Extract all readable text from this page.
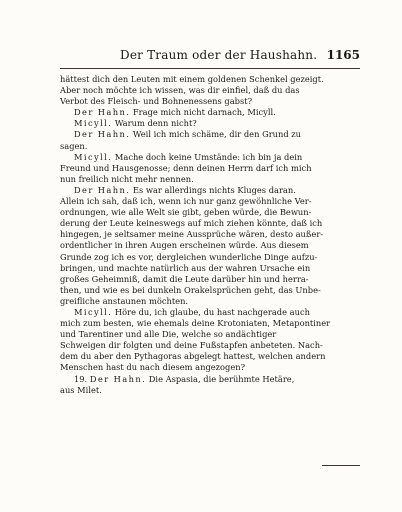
Der Traum oder der Haushahn. 1165
hättest dich den Leuten mit einem goldenen Schenkel gezeigt.
Aber noch möchte ich wissen, was dir einfiel, daß du das
Verbot des Fleisch- und Bohnenessens gabst?
Der Hahn. Frage mich nicht darnach, Micyll.
Micyll. Warum denn nicht?
Der Hahn. Weil ich mich schäme, dir den Grund zu
sagen.
Micyll. Mache doch keine Umstände: ich bin ja dein
Freund und Hausgenosse; denn deinen Herrn darf ich mich
nun freilich nicht mehr nennen.
Der Hahn. Es war allerdings nichts Kluges daran.
Allein ich sah, daß ich, wenn ich nur ganz gewöhnliche Ver-
ordnungen, wie alle Welt sie gibt, geben würde, die Bewun-
derung der Leute keineswegs auf mich ziehen könnte, daß ich
hingegen, je seltsamer meine Aussprüche wären, desto außer-
ordentlicher in ihren Augen erscheinen würde. Aus diesem
Grunde zog ich es vor, dergleichen wunderliche Dinge aufzu-
bringen, und machte natürlich aus der wahren Ursache ein
großes Geheimniß, damit die Leute darüber hin und herra-
then, und wie es bei dunkeln Orakelsprüchen geht, das Unbe-
greifliche anstaunen möchten.
Micyll. Höre du, ich glaube, du hast nachgerade auch
mich zum besten, wie ehemals deine Krotoniaten, Metapontiner
und Tarentiner und alle Die, welche so andächtiger
Schweigen dir folgten und deine Fußstapfen anbeteten. Nach-
dem du aber den Pythagoras abgelegt hattest, welchen andern
Menschen hast du nach diesem angezogen?
19. Der Hahn. Die Aspasia, die berühmte Hetäre,
aus Milet.
